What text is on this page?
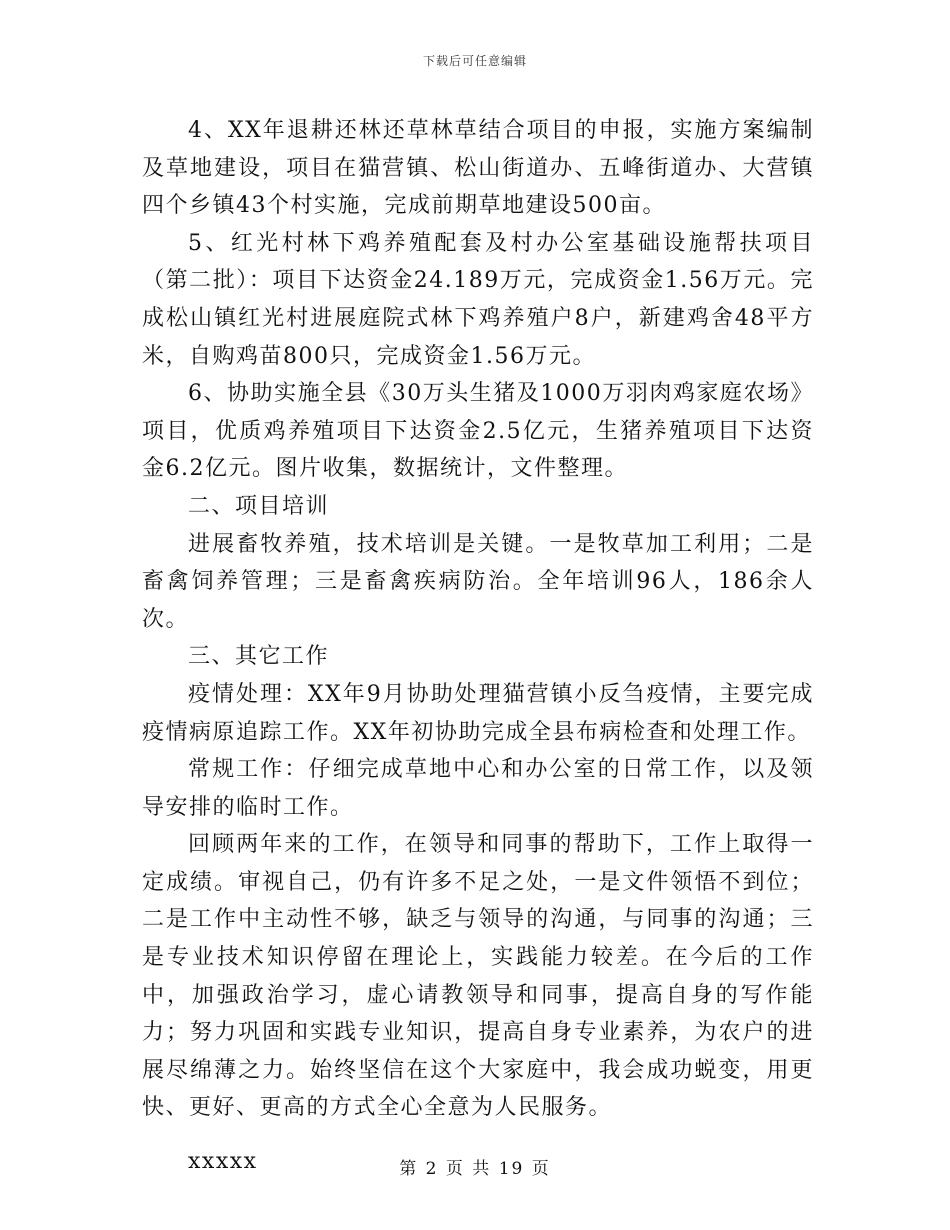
下载后可任意编辑

4、XX年退耕还林还草林草结合项目的申报，实施方案编制及草地建设，项目在猫营镇、松山街道办、五峰街道办、大营镇四个乡镇43个村实施，完成前期草地建设500亩。

5、红光村林下鸡养殖配套及村办公室基础设施帮扶项目（第二批）：项目下达资金24.189万元，完成资金1.56万元。完成松山镇红光村进展庭院式林下鸡养殖户8户，新建鸡舍48平方米，自购鸡苗800只，完成资金1.56万元。

6、协助实施全县《30万头生猪及1000万羽肉鸡家庭农场》项目，优质鸡养殖项目下达资金2.5亿元，生猪养殖项目下达资金6.2亿元。图片收集，数据统计，文件整理。

二、项目培训

进展畜牧养殖，技术培训是关键。一是牧草加工利用；二是畜禽饲养管理；三是畜禽疾病防治。全年培训96人，186余人次。

三、其它工作

疫情处理：XX年9月协助处理猫营镇小反刍疫情，主要完成疫情病原追踪工作。XX年初协助完成全县布病检查和处理工作。

常规工作：仔细完成草地中心和办公室的日常工作，以及领导安排的临时工作。

回顾两年来的工作，在领导和同事的帮助下，工作上取得一定成绩。审视自己，仍有许多不足之处，一是文件领悟不到位；二是工作中主动性不够，缺乏与领导的沟通，与同事的沟通；三是专业技术知识停留在理论上，实践能力较差。在今后的工作中，加强政治学习，虚心请教领导和同事，提高自身的写作能力；努力巩固和实践专业知识，提高自身专业素养，为农户的进展尽绵薄之力。始终坚信在这个大家庭中，我会成功蜕变，用更快、更好、更高的方式全心全意为人民服务。

xxxxx	第 2 页 共 19 页
